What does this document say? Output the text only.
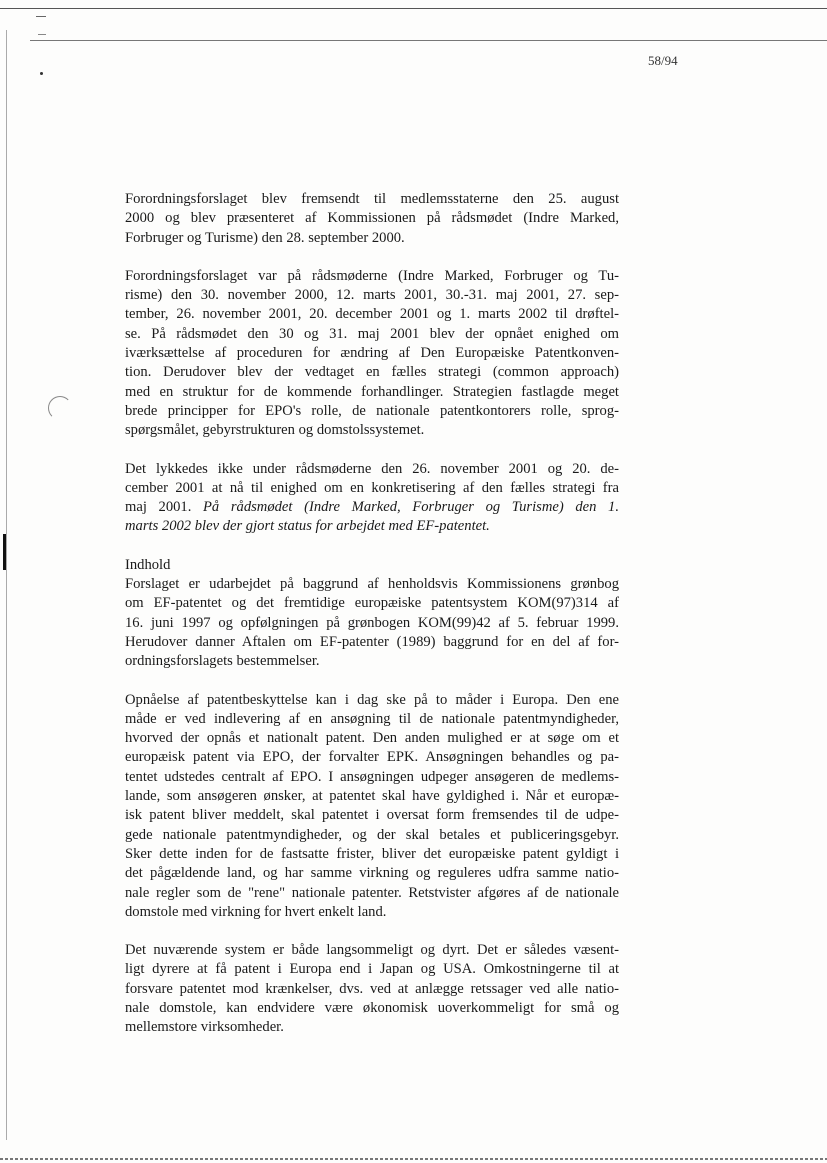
58/94

Forordningsforslaget blev fremsendt til medlemsstaterne den 25. august
2000 og blev præsenteret af Kommissionen på rådsmødet (Indre Marked,
Forbruger og Turisme) den 28. september 2000.

Forordningsforslaget var på rådsmøderne (Indre Marked, Forbruger og Tu-
risme) den 30. november 2000, 12. marts 2001, 30.-31. maj 2001, 27. sep-
tember, 26. november 2001, 20. december 2001 og 1. marts 2002 til drøftel-
se. På rådsmødet den 30 og 31. maj 2001 blev der opnået enighed om
iværksættelse af proceduren for ændring af Den Europæiske Patentkonven-
tion. Derudover blev der vedtaget en fælles strategi (common approach)
med en struktur for de kommende forhandlinger. Strategien fastlagde meget
brede principper for EPO's rolle, de nationale patentkontorers rolle, sprog-
spørgsmålet, gebyrstrukturen og domstolssystemet.

Det lykkedes ikke under rådsmøderne den 26. november 2001 og 20. de-
cember 2001 at nå til enighed om en konkretisering af den fælles strategi fra
maj 2001. På rådsmødet (Indre Marked, Forbruger og Turisme) den 1.
marts 2002 blev der gjort status for arbejdet med EF-patentet.

Indhold

Forslaget er udarbejdet på baggrund af henholdsvis Kommissionens grønbog
om EF-patentet og det fremtidige europæiske patentsystem KOM(97)314 af
16. juni 1997 og opfølgningen på grønbogen KOM(99)42 af 5. februar 1999.
Herudover danner Aftalen om EF-patenter (1989) baggrund for en del af for-
ordningsforslagets bestemmelser.

Opnåelse af patentbeskyttelse kan i dag ske på to måder i Europa. Den ene
måde er ved indlevering af en ansøgning til de nationale patentmyndigheder,
hvorved der opnås et nationalt patent. Den anden mulighed er at søge om et
europæisk patent via EPO, der forvalter EPK. Ansøgningen behandles og pa-
tentet udstedes centralt af EPO. I ansøgningen udpeger ansøgeren de medlems-
lande, som ansøgeren ønsker, at patentet skal have gyldighed i. Når et europæ-
isk patent bliver meddelt, skal patentet i oversat form fremsendes til de udpe-
gede nationale patentmyndigheder, og der skal betales et publiceringsgebyr.
Sker dette inden for de fastsatte frister, bliver det europæiske patent gyldigt i
det pågældende land, og har samme virkning og reguleres udfra samme natio-
nale regler som de "rene" nationale patenter. Retstvister afgøres af de nationale
domstole med virkning for hvert enkelt land.

Det nuværende system er både langsommeligt og dyrt. Det er således væsent-
ligt dyrere at få patent i Europa end i Japan og USA. Omkostningerne til at
forsvare patentet mod krænkelser, dvs. ved at anlægge retssager ved alle natio-
nale domstole, kan endvidere være økonomisk uoverkommeligt for små og
mellemstore virksomheder.
